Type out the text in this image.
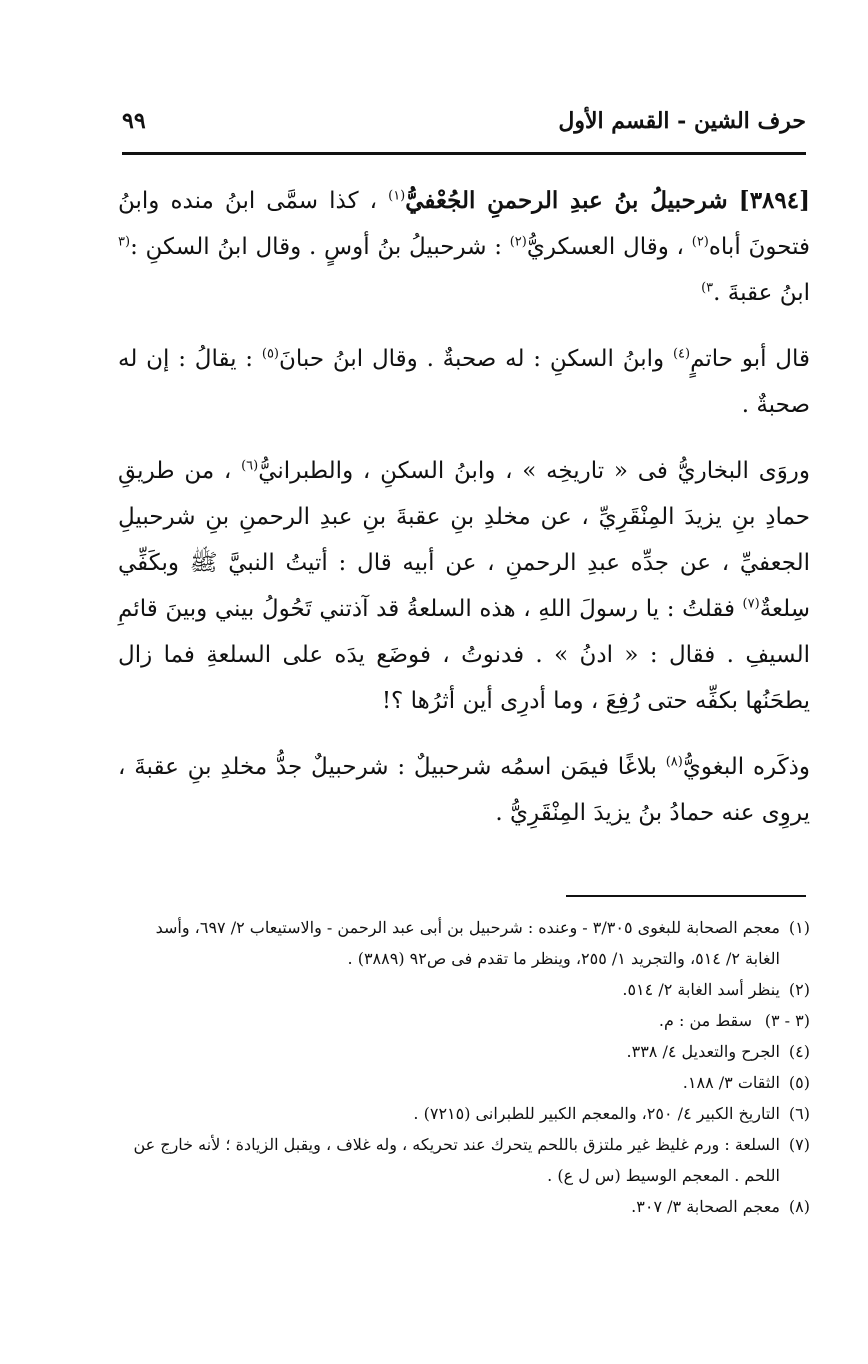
حرف الشين - القسم الأول
٩٩

[٣٨٩٤] شرحبيلُ بنُ عبدِ الرحمنِ الجُعْفيُّ$^{(١)}$ ، كذا سمَّى ابنُ منده وابنُ فتحونَ أباه$^{(٢)}$ ، وقال العسكريُّ$^{(٢)}$ : شرحبيلُ بنُ أوسٍ . وقال ابنُ السكنِ :$^{(٣}$ ابنُ عقبةَ .$^{٣)}$

قال أبو حاتمٍ$^{(٤)}$ وابنُ السكنِ : له صحبةٌ . وقال ابنُ حبانَ$^{(٥)}$ : يقالُ : إن له صحبةٌ .

وروَى البخاريُّ فى « تاريخِه » ، وابنُ السكنِ ، والطبرانيُّ$^{(٦)}$ ، من طريقِ حمادِ بنِ يزيدَ المِنْقَرِيِّ ، عن مخلدِ بنِ عقبةَ بنِ عبدِ الرحمنِ بنِ شرحبيلِ الجعفيِّ ، عن جدِّه عبدِ الرحمنِ ، عن أبيه قال : أتيتُ النبيَّ ﷺ وبكَفِّي سِلعةٌ$^{(٧)}$ فقلتُ : يا رسولَ اللهِ ، هذه السلعةُ قد آذتني تَحُولُ بيني وبينَ قائمِ السيفِ . فقال : « ادنُ » . فدنوتُ ، فوضَع يدَه على السلعةِ فما زال يطحَنُها بكفِّه حتى رُفِعَ ، وما أدرِى أين أثرُها ؟!

وذكَره البغويُّ$^{(٨)}$ بلاغًا فيمَن اسمُه شرحبيلٌ : شرحبيلٌ جدُّ مخلدِ بنِ عقبةَ ، يروِى عنه حمادُ بنُ يزيدَ المِنْقَرِيُّ .

(١)
معجم الصحابة للبغوى ٣/٣٠٥ - وعنده : شرحبيل بن أبى عبد الرحمن - والاستيعاب ٢/ ٦٩٧، وأسد الغابة ٢/ ٥١٤، والتجريد ١/ ٢٥٥، وينظر ما تقدم فى ص٩٢ (٣٨٨٩) .

(٢)
ينظر أسد الغابة ٢/ ٥١٤.

(٣ - ٣)
سقط من : م.

(٤)
الجرح والتعديل ٤/ ٣٣٨.

(٥)
الثقات ٣/ ١٨٨.

(٦)
التاريخ الكبير ٤/ ٢٥٠، والمعجم الكبير للطبرانى (٧٢١٥) .

(٧)
السلعة : ورم غليظ غير ملتزق باللحم يتحرك عند تحريكه ، وله غلاف ، ويقبل الزيادة ؛ لأنه خارج عن اللحم . المعجم الوسيط (س ل ع) .

(٨)
معجم الصحابة ٣/ ٣٠٧.
